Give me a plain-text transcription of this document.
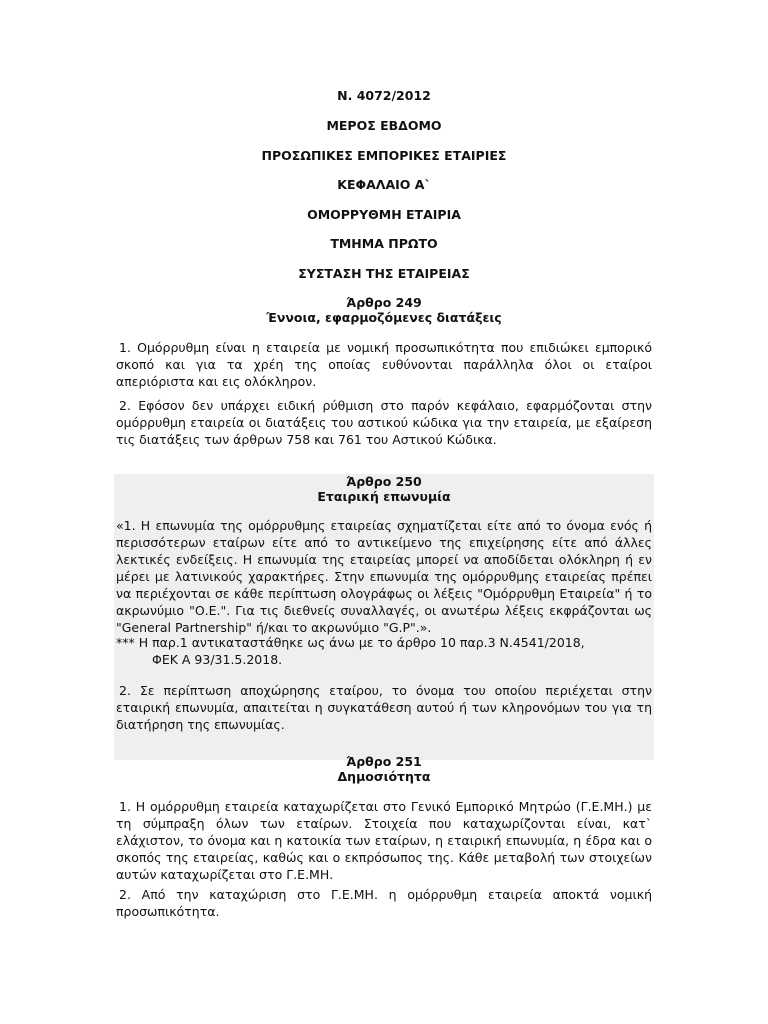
Ν. 4072/2012
ΜΕΡΟΣ ΕΒΔΟΜΟ
ΠΡΟΣΩΠΙΚΕΣ ΕΜΠΟΡΙΚΕΣ ΕΤΑΙΡΙΕΣ
ΚΕΦΑΛΑΙΟ Α`
ΟΜΟΡΡΥΘΜΗ ΕΤΑΙΡΙΑ
ΤΜΗΜΑ ΠΡΩΤΟ
ΣΥΣΤΑΣΗ ΤΗΣ ΕΤΑΙΡΕΙΑΣ
Άρθρο 249
Έννοια, εφαρμοζόμενες διατάξεις
1. Ομόρρυθμη είναι η εταιρεία με νομική προσωπικότητα που επιδιώκει εμπορικό σκοπό και για τα χρέη της οποίας ευθύνονται παράλληλα όλοι οι εταίροι απεριόριστα και εις ολόκληρον.
2. Εφόσον δεν υπάρχει ειδική ρύθμιση στο παρόν κεφάλαιο, εφαρμόζονται στην ομόρρυθμη εταιρεία οι διατάξεις του αστικού κώδικα για την εταιρεία, με εξαίρεση τις διατάξεις των άρθρων 758 και 761 του Αστικού Κώδικα.
Άρθρο 250
Εταιρική επωνυμία
«1. Η επωνυμία της ομόρρυθμης εταιρείας σχηματίζεται είτε από το όνομα ενός ή περισσότερων εταίρων είτε από το αντικείμενο της επιχείρησης είτε από άλλες λεκτικές ενδείξεις. Η επωνυμία της εταιρείας μπορεί να αποδίδεται ολόκληρη ή εν μέρει με λατινικούς χαρακτήρες. Στην επωνυμία της ομόρρυθμης εταιρείας πρέπει να περιέχονται σε κάθε περίπτωση ολογράφως οι λέξεις "Ομόρρυθμη Εταιρεία" ή το ακρωνύμιο "Ο.Ε.". Για τις διεθνείς συναλλαγές, οι ανωτέρω λέξεις εκφράζονται ως "General Partnership" ή/και το ακρωνύμιο "G.P".».
*** Η παρ.1 αντικαταστάθηκε ως άνω με το άρθρο 10 παρ.3 Ν.4541/2018,
ΦΕΚ Α 93/31.5.2018.
2. Σε περίπτωση αποχώρησης εταίρου, το όνομα του οποίου περιέχεται στην εταιρική επωνυμία, απαιτείται η συγκατάθεση αυτού ή των κληρονόμων του για τη διατήρηση της επωνυμίας.
Άρθρο 251
Δημοσιότητα
1. Η ομόρρυθμη εταιρεία καταχωρίζεται στο Γενικό Εμπορικό Μητρώο (Γ.Ε.ΜΗ.) με τη σύμπραξη όλων των εταίρων. Στοιχεία που καταχωρίζονται είναι, κατ` ελάχιστον, το όνομα και η κατοικία των εταίρων, η εταιρική επωνυμία, η έδρα και ο σκοπός της εταιρείας, καθώς και ο εκπρόσωπος της. Κάθε μεταβολή των στοιχείων αυτών καταχωρίζεται στο Γ.Ε.ΜΗ.
2. Από την καταχώριση στο Γ.Ε.ΜΗ. η ομόρρυθμη εταιρεία αποκτά νομική προσωπικότητα.
